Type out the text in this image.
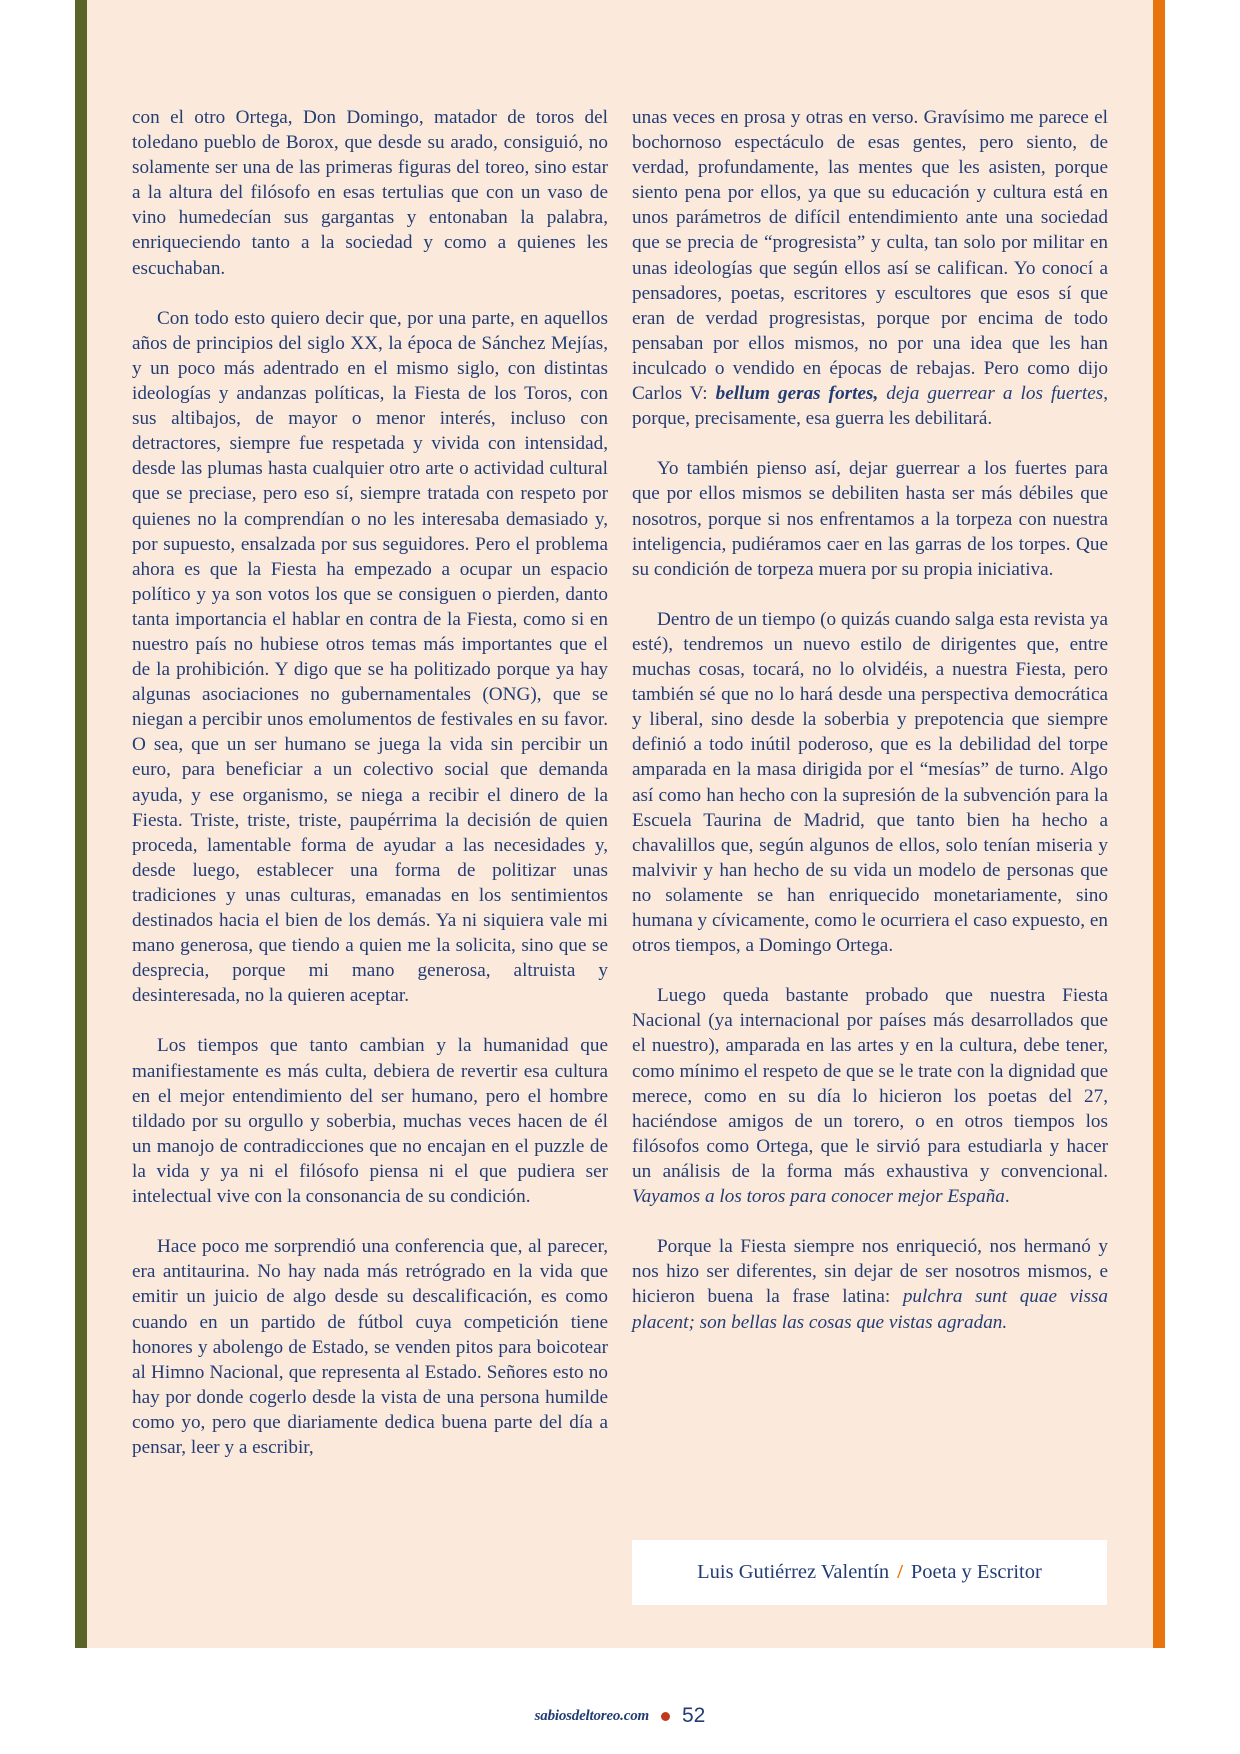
con el otro Ortega, Don Domingo, matador de toros del toledano pueblo de Borox, que desde su arado, consiguió, no solamente ser una de las primeras figuras del toreo, sino estar a la altura del filósofo en esas tertulias que con un vaso de vino humedecían sus gargantas y entonaban la palabra, enriqueciendo tanto a la sociedad y como a quienes les escuchaban.

Con todo esto quiero decir que, por una parte, en aquellos años de principios del siglo XX, la época de Sánchez Mejías, y un poco más adentrado en el mismo siglo, con distintas ideologías y andanzas políticas, la Fiesta de los Toros, con sus altibajos, de mayor o menor interés, incluso con detractores, siempre fue respetada y vivida con intensidad, desde las plumas hasta cualquier otro arte o actividad cultural que se preciase, pero eso sí, siempre tratada con respeto por quienes no la comprendían o no les interesaba demasiado y, por supuesto, ensalzada por sus seguidores. Pero el problema ahora es que la Fiesta ha empezado a ocupar un espacio político y ya son votos los que se consiguen o pierden, danto tanta importancia el hablar en contra de la Fiesta, como si en nuestro país no hubiese otros temas más importantes que el de la prohibición. Y digo que se ha politizado porque ya hay algunas asociaciones no gubernamentales (ONG), que se niegan a percibir unos emolumentos de festivales en su favor. O sea, que un ser humano se juega la vida sin percibir un euro, para beneficiar a un colectivo social que demanda ayuda, y ese organismo, se niega a recibir el dinero de la Fiesta. Triste, triste, triste, paupérrima la decisión de quien proceda, lamentable forma de ayudar a las necesidades y, desde luego, establecer una forma de politizar unas tradiciones y unas culturas, emanadas en los sentimientos destinados hacia el bien de los demás. Ya ni siquiera vale mi mano generosa, que tiendo a quien me la solicita, sino que se desprecia, porque mi mano generosa, altruista y desinteresada, no la quieren aceptar.

Los tiempos que tanto cambian y la humanidad que manifiestamente es más culta, debiera de revertir esa cultura en el mejor entendimiento del ser humano, pero el hombre tildado por su orgullo y soberbia, muchas veces hacen de él un manojo de contradicciones que no encajan en el puzzle de la vida y ya ni el filósofo piensa ni el que pudiera ser intelectual vive con la consonancia de su condición.

Hace poco me sorprendió una conferencia que, al parecer, era antitaurina. No hay nada más retrógrado en la vida que emitir un juicio de algo desde su descalificación, es como cuando en un partido de fútbol cuya competición tiene honores y abolengo de Estado, se venden pitos para boicotear al Himno Nacional, que representa al Estado. Señores esto no hay por donde cogerlo desde la vista de una persona humilde como yo, pero que diariamente dedica buena parte del día a pensar, leer y a escribir,

unas veces en prosa y otras en verso. Gravísimo me parece el bochornoso espectáculo de esas gentes, pero siento, de verdad, profundamente, las mentes que les asisten, porque siento pena por ellos, ya que su educación y cultura está en unos parámetros de difícil entendimiento ante una sociedad que se precia de “progresista” y culta, tan solo por militar en unas ideologías que según ellos así se califican. Yo conocí a pensadores, poetas, escritores y escultores que esos sí que eran de verdad progresistas, porque por encima de todo pensaban por ellos mismos, no por una idea que les han inculcado o vendido en épocas de rebajas. Pero como dijo Carlos V: bellum geras fortes, deja guerrear a los fuertes, porque, precisamente, esa guerra les debilitará.

Yo también pienso así, dejar guerrear a los fuertes para que por ellos mismos se debiliten hasta ser más débiles que nosotros, porque si nos enfrentamos a la torpeza con nuestra inteligencia, pudiéramos caer en las garras de los torpes. Que su condición de torpeza muera por su propia iniciativa.

Dentro de un tiempo (o quizás cuando salga esta revista ya esté), tendremos un nuevo estilo de dirigentes que, entre muchas cosas, tocará, no lo olvidéis, a nuestra Fiesta, pero también sé que no lo hará desde una perspectiva democrática y liberal, sino desde la soberbia y prepotencia que siempre definió a todo inútil poderoso, que es la debilidad del torpe amparada en la masa dirigida por el “mesías” de turno. Algo así como han hecho con la supresión de la subvención para la Escuela Taurina de Madrid, que tanto bien ha hecho a chavalillos que, según algunos de ellos, solo tenían miseria y malvivir y han hecho de su vida un modelo de personas que no solamente se han enriquecido monetariamente, sino humana y cívicamente, como le ocurriera el caso expuesto, en otros tiempos, a Domingo Ortega.

Luego queda bastante probado que nuestra Fiesta Nacional (ya internacional por países más desarrollados que el nuestro), amparada en las artes y en la cultura, debe tener, como mínimo el respeto de que se le trate con la dignidad que merece, como en su día lo hicieron los poetas del 27, haciéndose amigos de un torero, o en otros tiempos los filósofos como Ortega, que le sirvió para estudiarla y hacer un análisis de la forma más exhaustiva y convencional. Vayamos a los toros para conocer mejor España.

Porque la Fiesta siempre nos enriqueció, nos hermanó y nos hizo ser diferentes, sin dejar de ser nosotros mismos, e hicieron buena la frase latina: pulchra sunt quae vissa placent; son bellas las cosas que vistas agradan.

Luis Gutiérrez Valentín / Poeta y Escritor
sabiosdeltoreo.com 52
